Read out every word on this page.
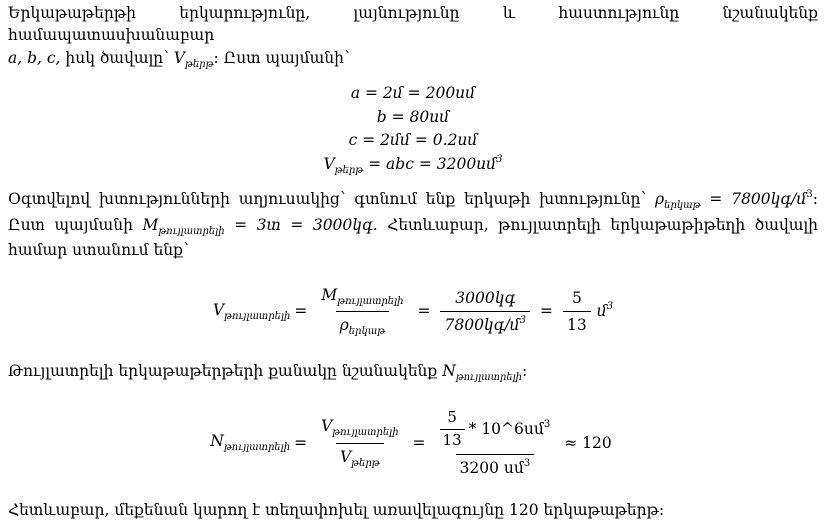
Երկաթաթերթի երկարությունը, լայնությունը և հաստությունը նշանակենք համապատասխանաբար
a, b, c, իսկ ծավալը՝ $V_{թերթ}$: Ըստ պայմանի՝

a = 2մ = 200սմ
b = 80սմ
c = 2մմ = 0.2սմ
$V_{թերթ}$ = abc = 3200սմ$^3$

Օգտվելով խտությունների աղյուսակից՝ գտնում ենք երկաթի խտությունը՝ $\rho_{երկաթ}$ = 7800կգ/մ$^3$: Ըստ պայմանի $M_{թույլատրելի}$ = 3տ = 3000կգ. Հետևաբար, թույլատրելի երկաթաթիթեղի ծավալի համար ստանում ենք՝

$V_{թույլատրելի} = \frac{M_{թույլատրելի}}{\rho_{երկաթ}} = \frac{\text{3000կգ}}{7800կգ/մ^3} = \frac{5}{13}$ մ$^3$

Թույլատրելի երկաթաթերթերի քանակը նշանակենք $N_{թույլատրելի}$:

$N_{թույլատրելի} = \frac{V_{թույլատրելի}}{V_{թերթ}} = \frac{\frac{5}{13} * 10\^{}6սմ^3}{3200 սմ^3} \approx 120$

Հետևաբար, մեքենան կարող է տեղափոխել առավելագույնը 120 երկաթաթերթ:
